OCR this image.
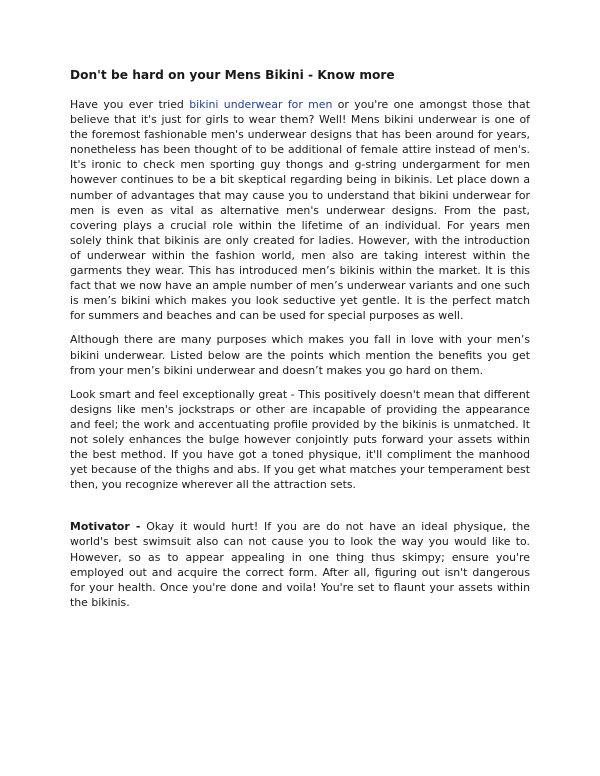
Don't be hard on your Mens Bikini - Know more

Have you ever tried bikini underwear for men or you're one amongst those that believe that it's just for girls to wear them? Well! Mens bikini underwear is one of the foremost fashionable men's underwear designs that has been around for years, nonetheless has been thought of to be additional of female attire instead of men's. It's ironic to check men sporting guy thongs and g-string undergarment for men however continues to be a bit skeptical regarding being in bikinis. Let place down a number of advantages that may cause you to understand that bikini underwear for men is even as vital as alternative men's underwear designs. From the past, covering plays a crucial role within the lifetime of an individual. For years men solely think that bikinis are only created for ladies. However, with the introduction of underwear within the fashion world, men also are taking interest within the garments they wear. This has introduced men’s bikinis within the market. It is this fact that we now have an ample number of men’s underwear variants and one such is men’s bikini which makes you look seductive yet gentle. It is the perfect match for summers and beaches and can be used for special purposes as well.

Although there are many purposes which makes you fall in love with your men’s bikini underwear. Listed below are the points which mention the benefits you get from your men’s bikini underwear and doesn’t makes you go hard on them.

Look smart and feel exceptionally great - This positively doesn't mean that different designs like men's jockstraps or other are incapable of providing the appearance and feel; the work and accentuating profile provided by the bikinis is unmatched. It not solely enhances the bulge however conjointly puts forward your assets within the best method. If you have got a toned physique, it'll compliment the manhood yet because of the thighs and abs. If you get what matches your temperament best then, you recognize wherever all the attraction sets.

Motivator - Okay it would hurt! If you are do not have an ideal physique, the world's best swimsuit also can not cause you to look the way you would like to. However, so as to appear appealing in one thing thus skimpy; ensure you're employed out and acquire the correct form. After all, figuring out isn't dangerous for your health. Once you're done and voila! You're set to flaunt your assets within the bikinis.
